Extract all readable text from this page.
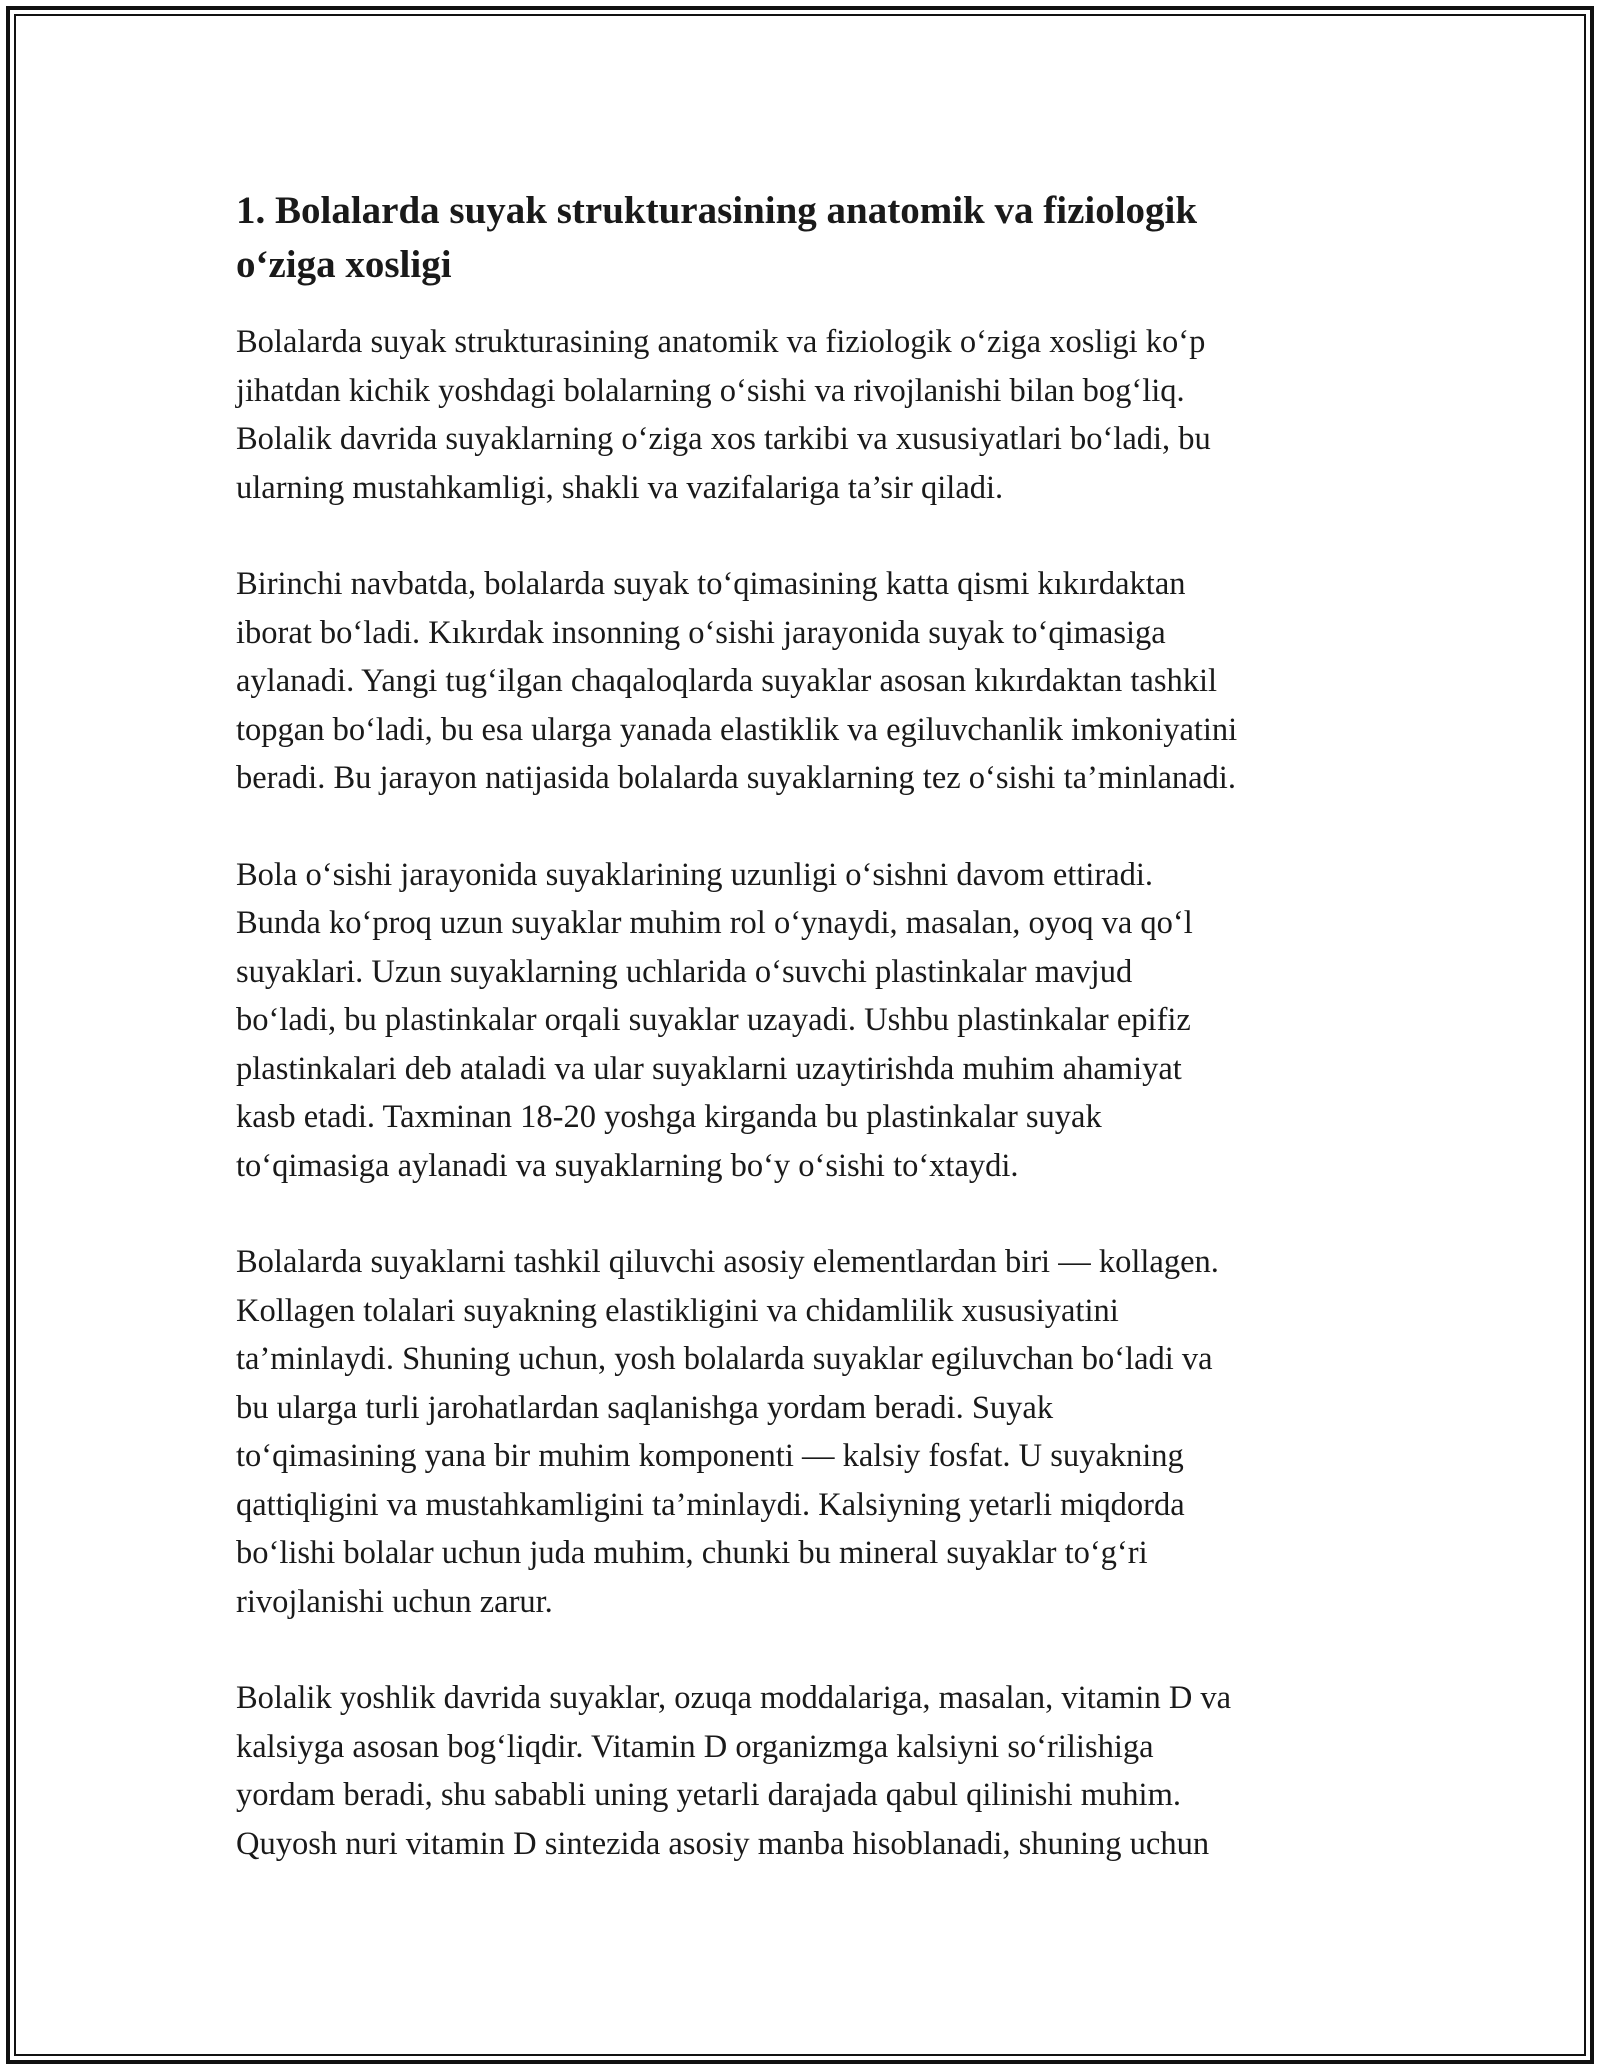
1. Bolalarda suyak strukturasining anatomik va fiziologik
o‘ziga xosligi

Bolalarda suyak strukturasining anatomik va fiziologik o‘ziga xosligi ko‘p
jihatdan kichik yoshdagi bolalarning o‘sishi va rivojlanishi bilan bog‘liq.
Bolalik davrida suyaklarning o‘ziga xos tarkibi va xususiyatlari bo‘ladi, bu
ularning mustahkamligi, shakli va vazifalariga ta’sir qiladi.

Birinchi navbatda, bolalarda suyak to‘qimasining katta qismi kıkırdaktan
iborat bo‘ladi. Kıkırdak insonning o‘sishi jarayonida suyak to‘qimasiga
aylanadi. Yangi tug‘ilgan chaqaloqlarda suyaklar asosan kıkırdaktan tashkil
topgan bo‘ladi, bu esa ularga yanada elastiklik va egiluvchanlik imkoniyatini
beradi. Bu jarayon natijasida bolalarda suyaklarning tez o‘sishi ta’minlanadi.

Bola o‘sishi jarayonida suyaklarining uzunligi o‘sishni davom ettiradi.
Bunda ko‘proq uzun suyaklar muhim rol o‘ynaydi, masalan, oyoq va qo‘l
suyaklari. Uzun suyaklarning uchlarida o‘suvchi plastinkalar mavjud
bo‘ladi, bu plastinkalar orqali suyaklar uzayadi. Ushbu plastinkalar epifiz
plastinkalari deb ataladi va ular suyaklarni uzaytirishda muhim ahamiyat
kasb etadi. Taxminan 18-20 yoshga kirganda bu plastinkalar suyak
to‘qimasiga aylanadi va suyaklarning bo‘y o‘sishi to‘xtaydi.

Bolalarda suyaklarni tashkil qiluvchi asosiy elementlardan biri — kollagen.
Kollagen tolalari suyakning elastikligini va chidamlilik xususiyatini
ta’minlaydi. Shuning uchun, yosh bolalarda suyaklar egiluvchan bo‘ladi va
bu ularga turli jarohatlardan saqlanishga yordam beradi. Suyak
to‘qimasining yana bir muhim komponenti — kalsiy fosfat. U suyakning
qattiqligini va mustahkamligini ta’minlaydi. Kalsiyning yetarli miqdorda
bo‘lishi bolalar uchun juda muhim, chunki bu mineral suyaklar to‘g‘ri
rivojlanishi uchun zarur.

Bolalik yoshlik davrida suyaklar, ozuqa moddalariga, masalan, vitamin D va
kalsiyga asosan bog‘liqdir. Vitamin D organizmga kalsiyni so‘rilishiga
yordam beradi, shu sababli uning yetarli darajada qabul qilinishi muhim.
Quyosh nuri vitamin D sintezida asosiy manba hisoblanadi, shuning uchun
